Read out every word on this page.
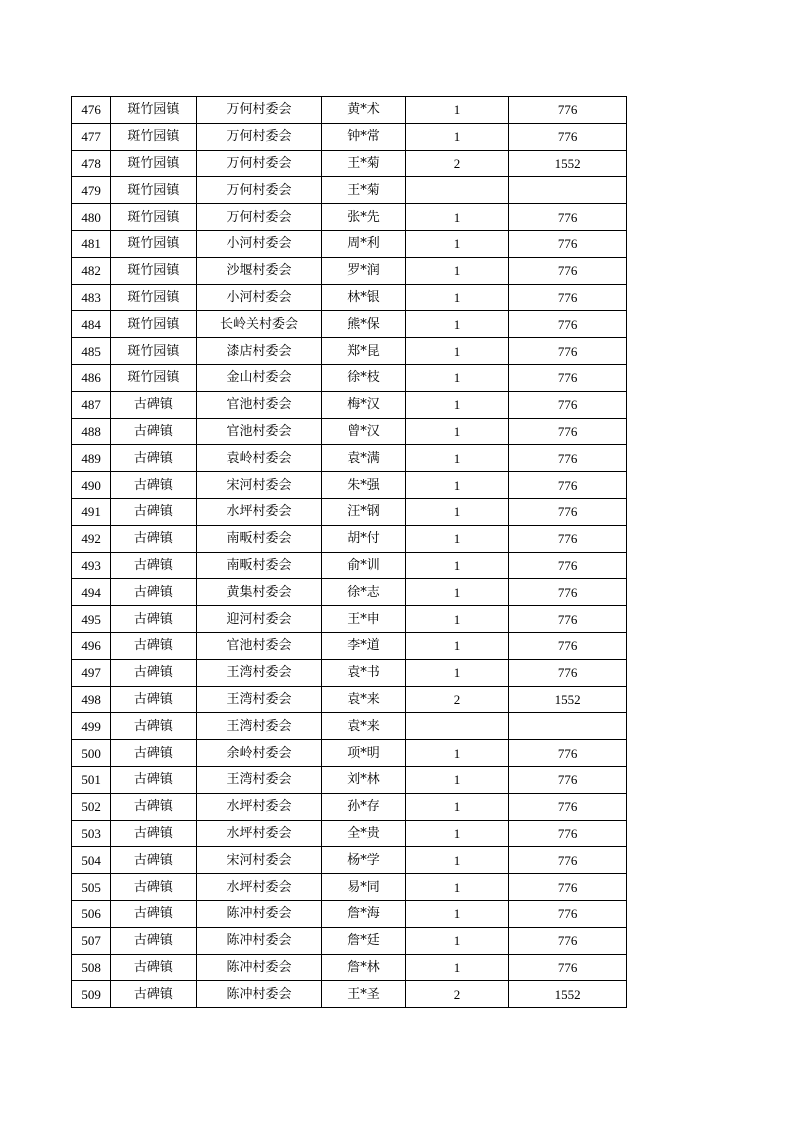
476	斑竹园镇	万何村委会	黄*术	1	776
477	斑竹园镇	万何村委会	钟*常	1	776
478	斑竹园镇	万何村委会	王*菊	2	1552
479	斑竹园镇	万何村委会	王*菊		
480	斑竹园镇	万何村委会	张*先	1	776
481	斑竹园镇	小河村委会	周*利	1	776
482	斑竹园镇	沙堰村委会	罗*润	1	776
483	斑竹园镇	小河村委会	林*银	1	776
484	斑竹园镇	长岭关村委会	熊*保	1	776
485	斑竹园镇	漆店村委会	郑*昆	1	776
486	斑竹园镇	金山村委会	徐*枝	1	776
487	古碑镇	官池村委会	梅*汉	1	776
488	古碑镇	官池村委会	曾*汉	1	776
489	古碑镇	袁岭村委会	袁*满	1	776
490	古碑镇	宋河村委会	朱*强	1	776
491	古碑镇	水坪村委会	汪*钢	1	776
492	古碑镇	南畈村委会	胡*付	1	776
493	古碑镇	南畈村委会	俞*训	1	776
494	古碑镇	黄集村委会	徐*志	1	776
495	古碑镇	迎河村委会	王*申	1	776
496	古碑镇	官池村委会	李*道	1	776
497	古碑镇	王湾村委会	袁*书	1	776
498	古碑镇	王湾村委会	袁*来	2	1552
499	古碑镇	王湾村委会	袁*来		
500	古碑镇	余岭村委会	项*明	1	776
501	古碑镇	王湾村委会	刘*林	1	776
502	古碑镇	水坪村委会	孙*存	1	776
503	古碑镇	水坪村委会	全*贵	1	776
504	古碑镇	宋河村委会	杨*学	1	776
505	古碑镇	水坪村委会	易*同	1	776
506	古碑镇	陈冲村委会	詹*海	1	776
507	古碑镇	陈冲村委会	詹*廷	1	776
508	古碑镇	陈冲村委会	詹*林	1	776
509	古碑镇	陈冲村委会	王*圣	2	1552
